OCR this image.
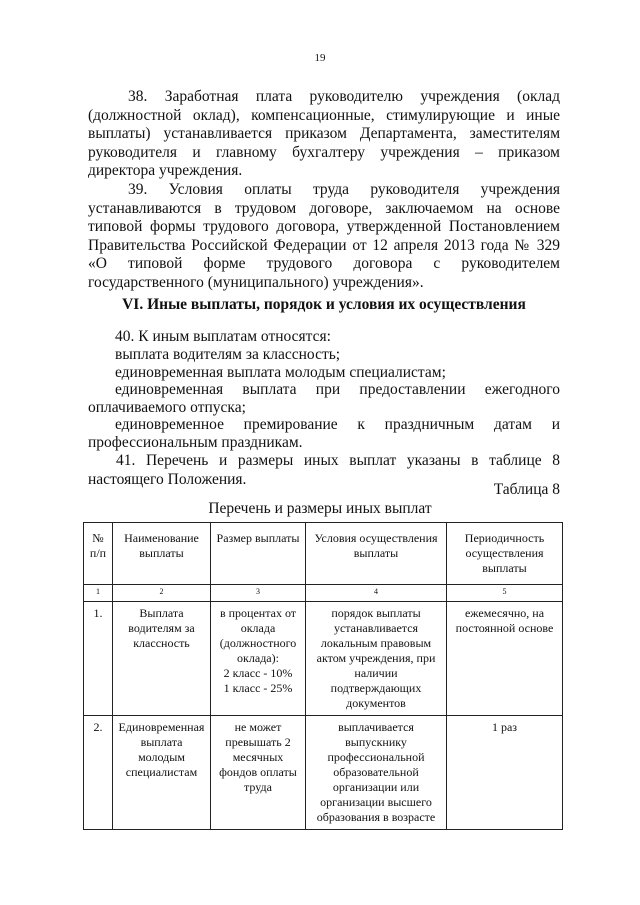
19

38. Заработная плата руководителю учреждения (оклад (должностной оклад), компенсационные, стимулирующие и иные выплаты) устанавливается приказом Департамента, заместителям руководителя и главному бухгалтеру учреждения – приказом директора учреждения.

39. Условия оплаты труда руководителя учреждения устанавливаются в трудовом договоре, заключаемом на основе типовой формы трудового договора, утвержденной Постановлением Правительства Российской Федерации от 12 апреля 2013 года № 329 «О типовой форме трудового договора с руководителем государственного (муниципального) учреждения».

VI. Иные выплаты, порядок и условия их осуществления
40. К иным выплатам относятся:
выплата водителям за классность;
единовременная выплата молодым специалистам;
единовременная выплата при предоставлении ежегодного
оплачиваемого отпуска;
единовременное премирование к праздничным датам и
профессиональным праздникам.

41. Перечень и размеры иных выплат указаны в таблице 8 настоящего Положения.

Таблица 8
Перечень и размеры иных выплат
№ п/п	Наименование выплаты	Размер выплаты	Условия осуществления выплаты	Периодичность осуществления выплаты
1	2	3	4	5
1.	Выплата водителям за классность	в процентах от оклада (должностного оклада):
2 класс - 10%
1 класс - 25%	порядок выплаты устанавливается локальным правовым актом учреждения, при наличии подтверждающих документов	ежемесячно, на постоянной основе
2.	Единовременная выплата молодым специалистам	не может превышать 2 месячных фондов оплаты труда	выплачивается выпускнику профессиональной образовательной организации или организации высшего образования в возрасте	1 раз
